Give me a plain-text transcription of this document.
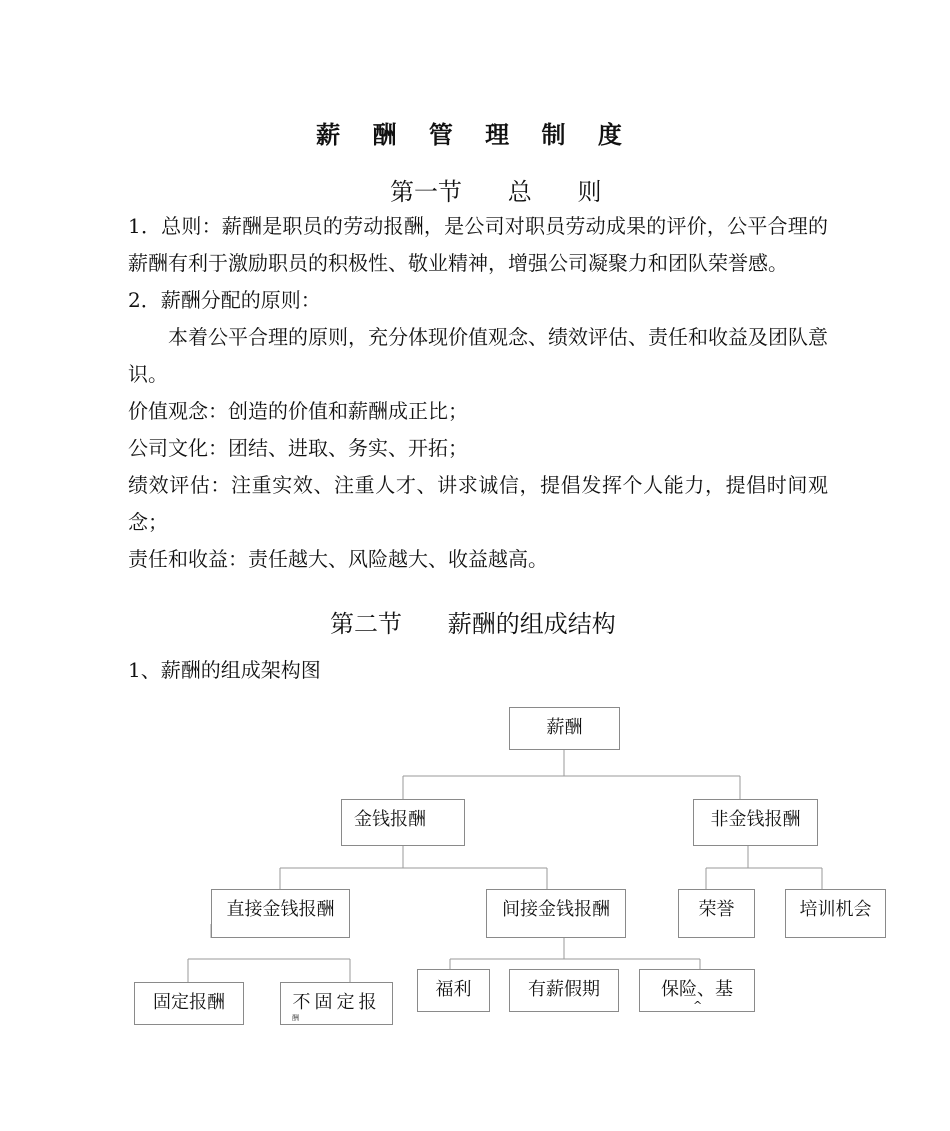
薪 酬 管 理 制 度
第一节      总      则

1．总则：薪酬是职员的劳动报酬，是公司对职员劳动成果的评价，公平合理的薪酬有利于激励职员的积极性、敬业精神，增强公司凝聚力和团队荣誉感。

2．薪酬分配的原则：

本着公平合理的原则，充分体现价值观念、绩效评估、责任和收益及团队意识。

价值观念：创造的价值和薪酬成正比；

公司文化：团结、进取、务实、开拓；

绩效评估：注重实效、注重人才、讲求诚信，提倡发挥个人能力，提倡时间观念；

责任和收益：责任越大、风险越大、收益越高。

第二节      薪酬的组成结构
1、薪酬的组成架构图
薪酬
金钱报酬	非金钱报酬
直接金钱报酬	间接金钱报酬	荣誉	培训机会
固定报酬	不固定报
酬
福利	有薪假期	保险、基
^
